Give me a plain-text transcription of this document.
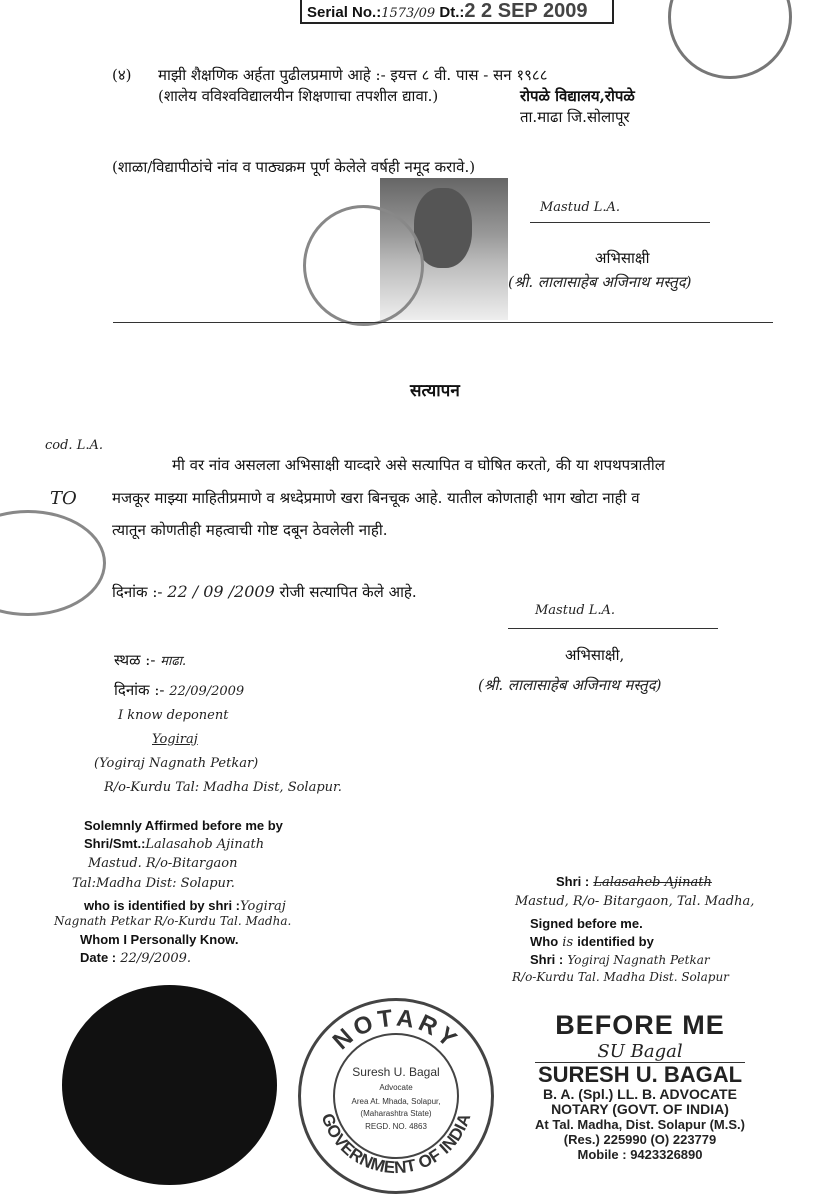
Serial No.:1573/09 Dt.:2 2 SEP 2009
(४) माझी शैक्षणिक अर्हता पुढीलप्रमाणे आहे :- इयत्त ८ वी. पास - सन १९८८
(शालेय वविश्वविद्यालयीन शिक्षणाचा तपशील द्यावा.)	रोपळे विद्यालय,रोपळे
ता.माढा जि.सोलापूर
(शाळा/विद्यापीठांचे नांव व पाठ्यक्रम पूर्ण केलेले वर्षही नमूद करावे.)
Mastud L.A.
अभिसाक्षी
(श्री. लालासाहेब अजिनाथ मस्तुद)
सत्यापन
cod. L.A.
TO
मी वर नांव असलला अभिसाक्षी याव्दारे असे सत्यापित व घोषित करतो, की या शपथपत्रातील
मजकूर माझ्या माहितीप्रमाणे व श्रध्देप्रमाणे खरा बिनचूक आहे. यातील कोणताही भाग खोटा नाही व
त्यातून कोणतीही महत्वाची गोष्ट दबून ठेवलेली नाही.
दिनांक :- 22 / 09 /2009 रोजी सत्यापित केले आहे.
Mastud L.A.
अभिसाक्षी,
(श्री. लालासाहेब अजिनाथ मस्तुद)
स्थळ :- माढा.
दिनांक :- 22/09/2009
I know deponent
Yogiraj
(Yogiraj Nagnath Petkar)
R/o-Kurdu Tal: Madha Dist, Solapur.
Solemnly Affirmed before me by
Shri/Smt.:Lalasahob Ajinath
Mastud. R/o-Bitargaon
Tal:Madha Dist: Solapur.
who is identified by shri :Yogiraj
Nagnath Petkar R/o-Kurdu Tal. Madha.
Whom I Personally Know.
Date : 22/9/2009.
Shri : Lalasaheb Ajinath
Mastud, R/o- Bitargaon, Tal. Madha,
Signed before me.
Who is identified by
Shri : Yogiraj Nagnath Petkar
R/o-Kurdu Tal. Madha Dist. Solapur
NOTARY
GOVERNMENT OF INDIA
Suresh U. Bagal
Advocate
Area At. Mhada, Solapur,
(Maharashtra State)
REGD. NO. 4863
BEFORE ME
SU Bagal
SURESH U. BAGAL
B. A. (Spl.) LL. B. ADVOCATE
NOTARY (GOVT. OF INDIA)
At Tal. Madha, Dist. Solapur (M.S.)
(Res.) 225990 (O) 223779
Mobile : 9423326890
